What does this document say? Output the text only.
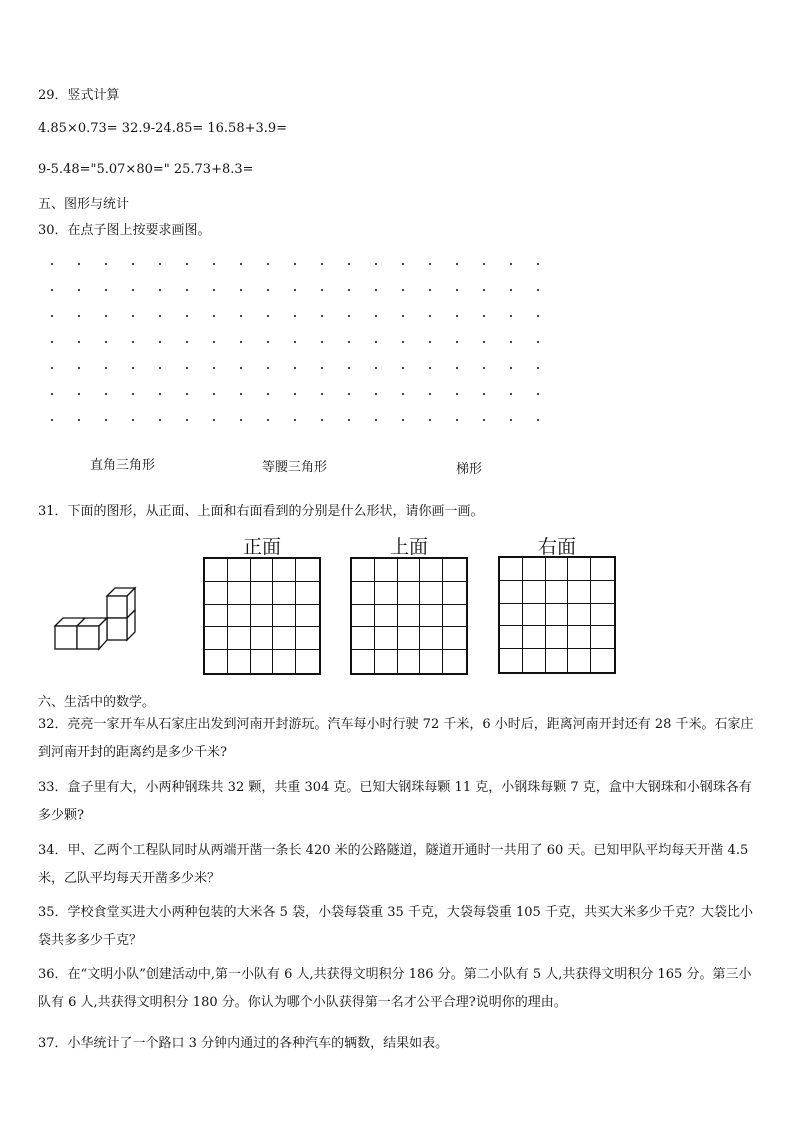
29．竖式计算
4.85×0.73= 32.9-24.85= 16.58+3.9=
9-5.48="5.07×80=" 25.73+8.3=
五、图形与统计
30．在点子图上按要求画图。
直角三角形	等腰三角形	梯形
31．下面的图形，从正面、上面和右面看到的分别是什么形状，请你画一画。
正面	上面	右面
六、生活中的数学。
32．亮亮一家开车从石家庄出发到河南开封游玩。汽车每小时行驶 72 千米，6 小时后，距离河南开封还有 28 千米。石家庄到河南开封的距离约是多少千米?
33．盒子里有大，小两种钢珠共 32 颗，共重 304 克。已知大钢珠每颗 11 克，小钢珠每颗 7 克，盒中大钢珠和小钢珠各有多少颗?
34．甲、乙两个工程队同时从两端开凿一条长 420 米的公路隧道，隧道开通时一共用了 60 天。已知甲队平均每天开凿 4.5 米，乙队平均每天开凿多少米？
35．学校食堂买进大小两种包装的大米各 5 袋，小袋每袋重 35 千克，大袋每袋重 105 千克，共买大米多少千克？大袋比小袋共多多少千克？
36．在“文明小队”创建活动中,第一小队有 6 人,共获得文明积分 186 分。第二小队有 5 人,共获得文明积分 165 分。第三小队有 6 人,共获得文明积分 180 分。你认为哪个小队获得第一名才公平合理?说明你的理由。
37．小华统计了一个路口 3 分钟内通过的各种汽车的辆数，结果如表。
